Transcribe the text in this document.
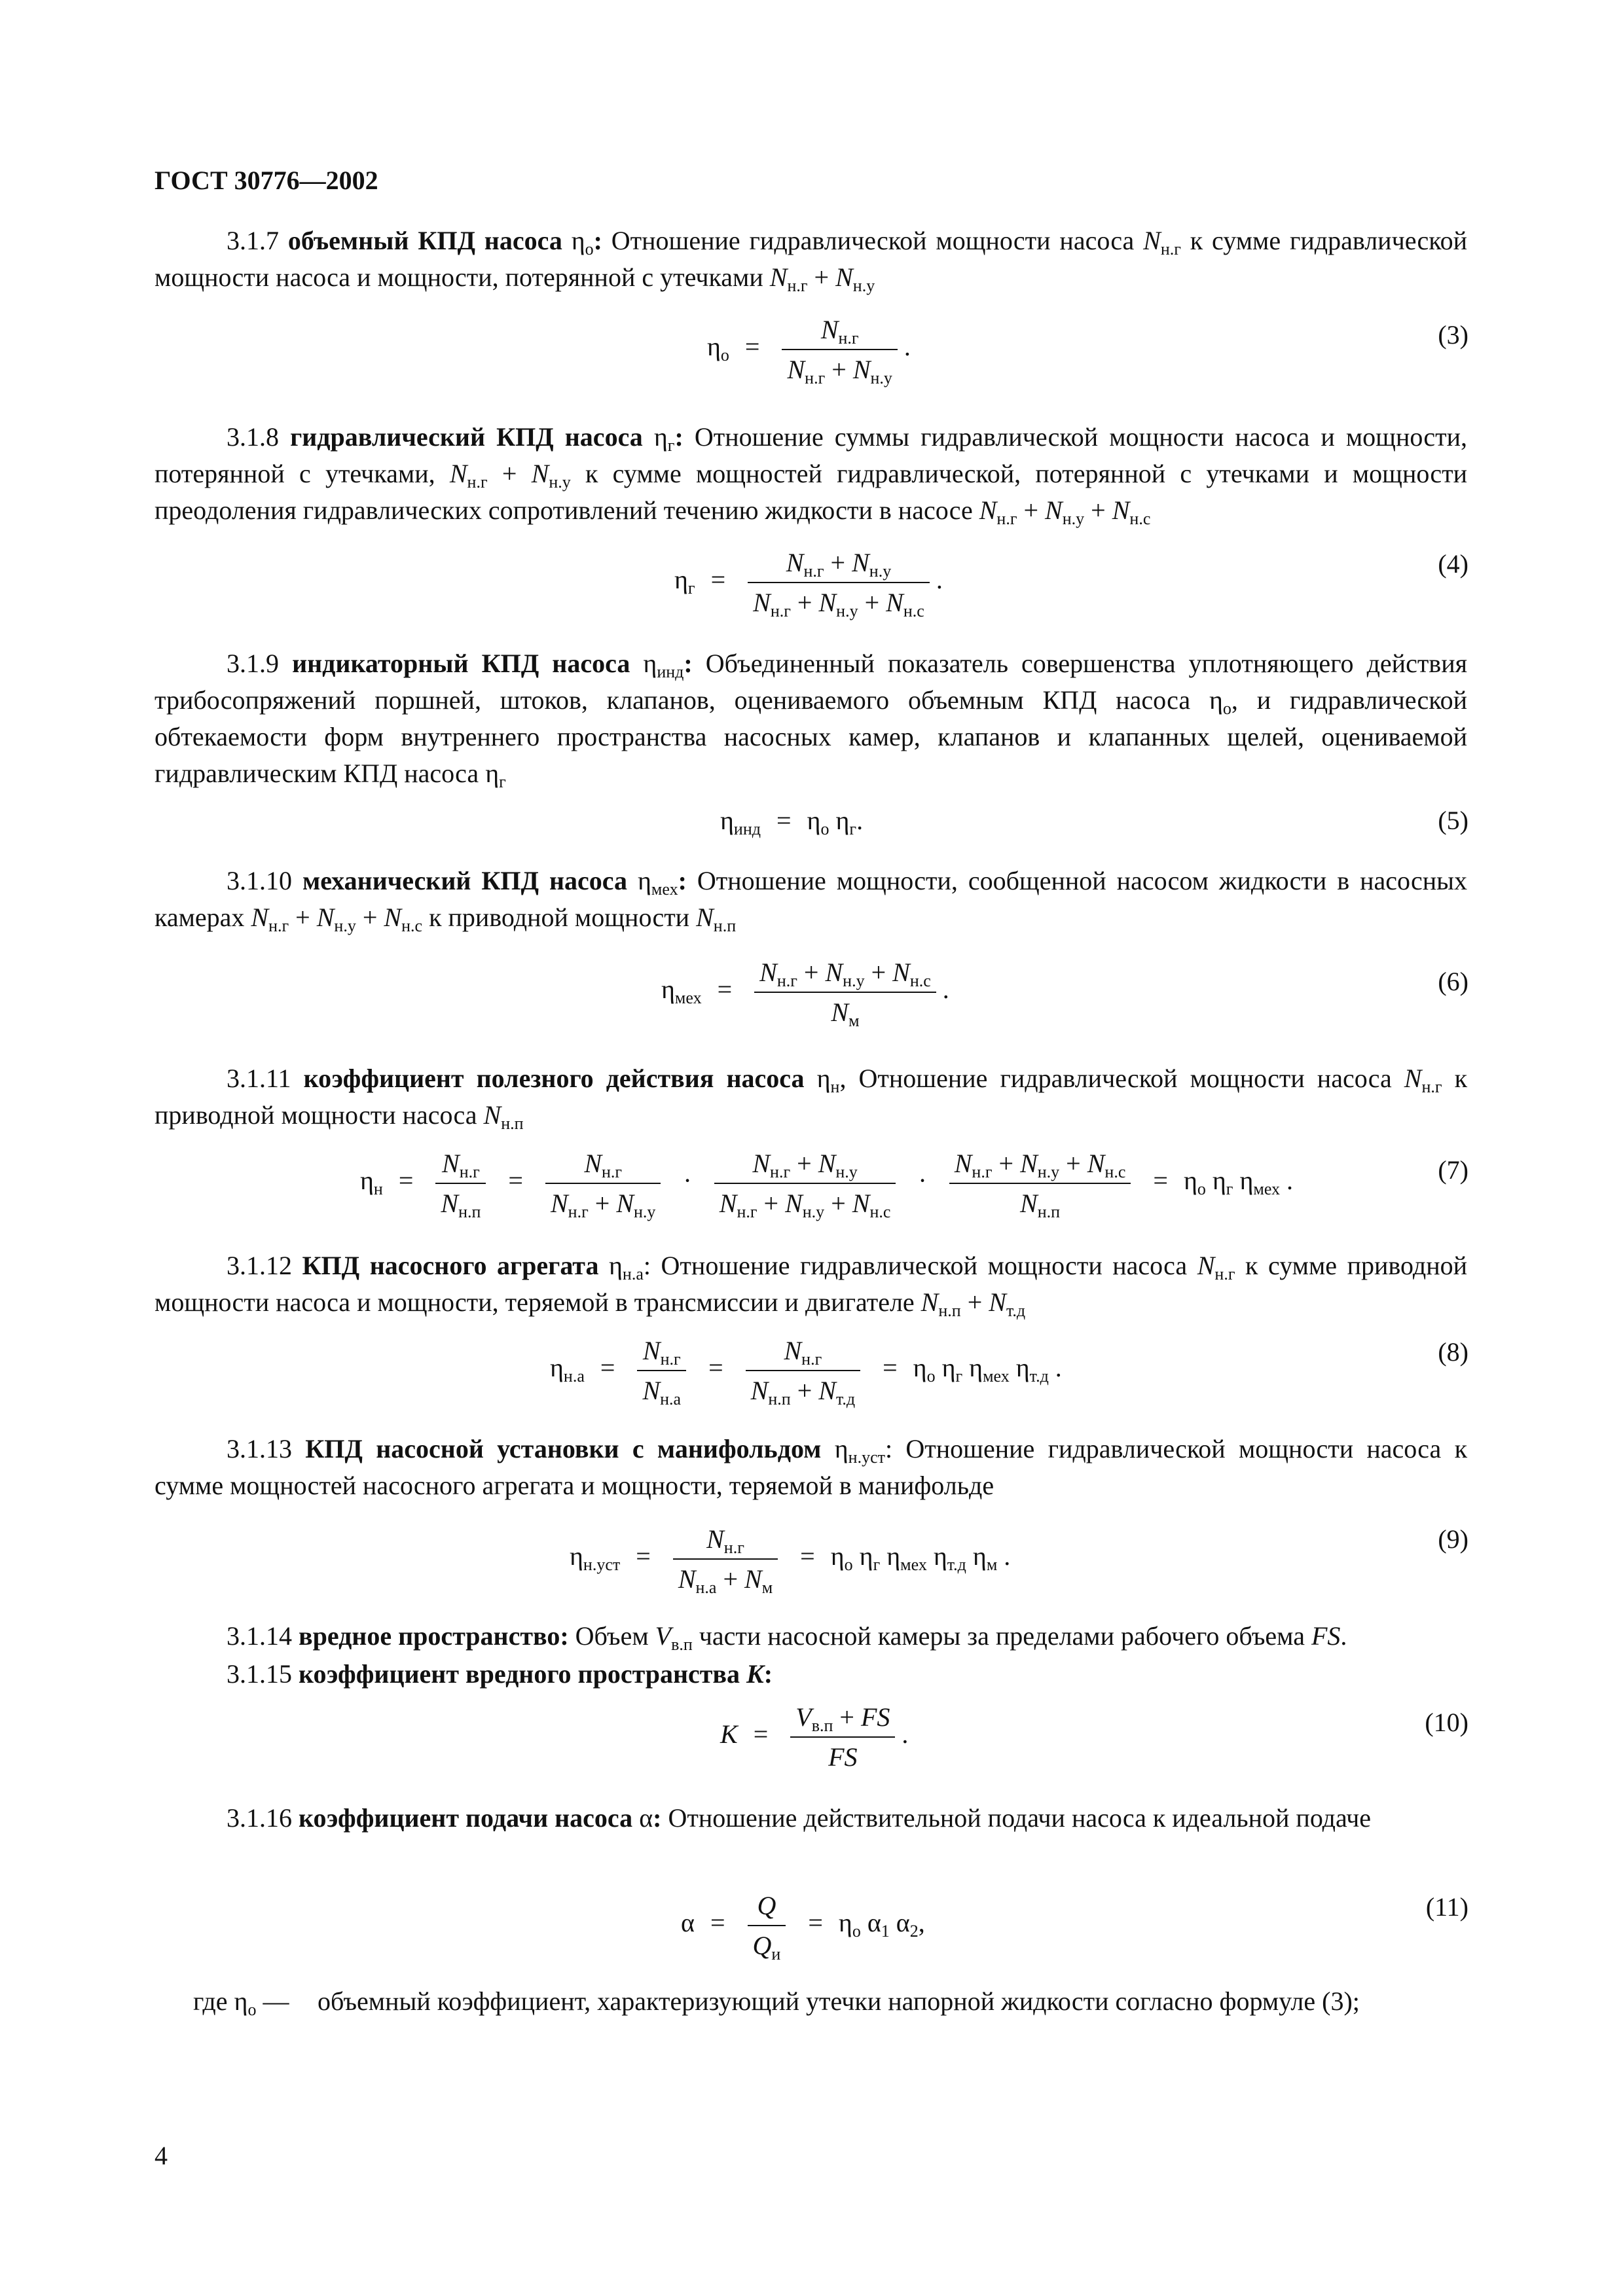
ГОСТ 30776—2002
3.1.7 объемный КПД насоса $\eta_о$: Отношение гидравлической мощности насоса $N_{н.г}$ к сумме гидравлической мощности насоса и мощности, потерянной с утечками $N_{н.г} + N_{н.у}$
$\eta_о = \frac{N_{н.г}}{N_{н.г} + N_{н.у}}$ .	(3)
3.1.8 гидравлический КПД насоса $\eta_г$: Отношение суммы гидравлической мощности насоса и мощности, потерянной с утечками, $N_{н.г} + N_{н.у}$ к сумме мощностей гидравлической, потерянной с утечками и мощности преодоления гидравлических сопротивлений течению жидкости в насосе $N_{н.г} + N_{н.у} + N_{н.с}$
$\eta_г = \frac{N_{н.г} + N_{н.у}}{N_{н.г} + N_{н.у} + N_{н.с}}$ .
(4)
3.1.9 индикаторный КПД насоса $\eta_{инд}$: Объединенный показатель совершенства уплотняющего действия трибосопряжений поршней, штоков, клапанов, оцениваемого объемным КПД насоса $\eta_о$, и гидравлической обтекаемости форм внутреннего пространства насосных камер, клапанов и клапанных щелей, оцениваемой гидравлическим КПД насоса $\eta_г$
$\eta_{инд} = \eta_о$ $\eta_г$.	(5)
3.1.10 механический КПД насоса $\eta_{мех}$: Отношение мощности, сообщенной насосом жидкости в насосных камерах $N_{н.г} + N_{н.у} + N_{н.с}$ к приводной мощности $N_{н.п}$
$\eta_{мех} = \frac{N_{н.г} + N_{н.у} + N_{н.с}}{N_м}$ .	(6)
3.1.11 коэффициент полезного действия насоса $\eta_н$, Отношение гидравлической мощности насоса $N_{н.г}$ к приводной мощности насоса $N_{н.п}$
$\eta_н = \frac{N_{н.г}}{N_{н.п}} = \frac{N_{н.г}}{N_{н.г} + N_{н.у}} \cdot \frac{N_{н.г} + N_{н.у}}{N_{н.г} + N_{н.у} + N_{н.с}} \cdot \frac{N_{н.г} + N_{н.у} + N_{н.с}}{N_{н.п}} = \eta_о$ $\eta_г$ $\eta_{мех}$ .	(7)
3.1.12 КПД насосного агрегата $\eta_{н.а}$: Отношение гидравлической мощности насоса $N_{н.г}$ к сумме приводной мощности насоса и мощности, теряемой в трансмиссии и двигателе $N_{н.п} + N_{т.д}$
$\eta_{н.а} = \frac{N_{н.г}}{N_{н.а}} = \frac{N_{н.г}}{N_{н.п} + N_{т.д}} = \eta_о$ $\eta_г$ $\eta_{мех}$ $\eta_{т.д}$ .
(8)
3.1.13 КПД насосной установки с манифольдом $\eta_{н.уст}$: Отношение гидравлической мощности насоса к сумме мощностей насосного агрегата и мощности, теряемой в манифольде
$\eta_{н.уст} = \frac{N_{н.г}}{N_{н.а} + N_м} = \eta_о$ $\eta_г$ $\eta_{мех}$ $\eta_{т.д}$ $\eta_м$ .
(9)
3.1.14 вредное пространство: Объем $V_{в.п}$ части насосной камеры за пределами рабочего объема FS.
3.1.15 коэффициент вредного пространства K:
$K = \frac{V_{в.п} + FS}{FS}$ .	(10)
3.1.16 коэффициент подачи насоса α: Отношение действительной подачи насоса к идеальной подаче
$\alpha = \frac{Q}{Q_и} = \eta_о$ $\alpha_1$ $\alpha_2$,
(11)
где $\eta_о$ — объемный коэффициент, характеризующий утечки напорной жидкости согласно формуле (3);
4
